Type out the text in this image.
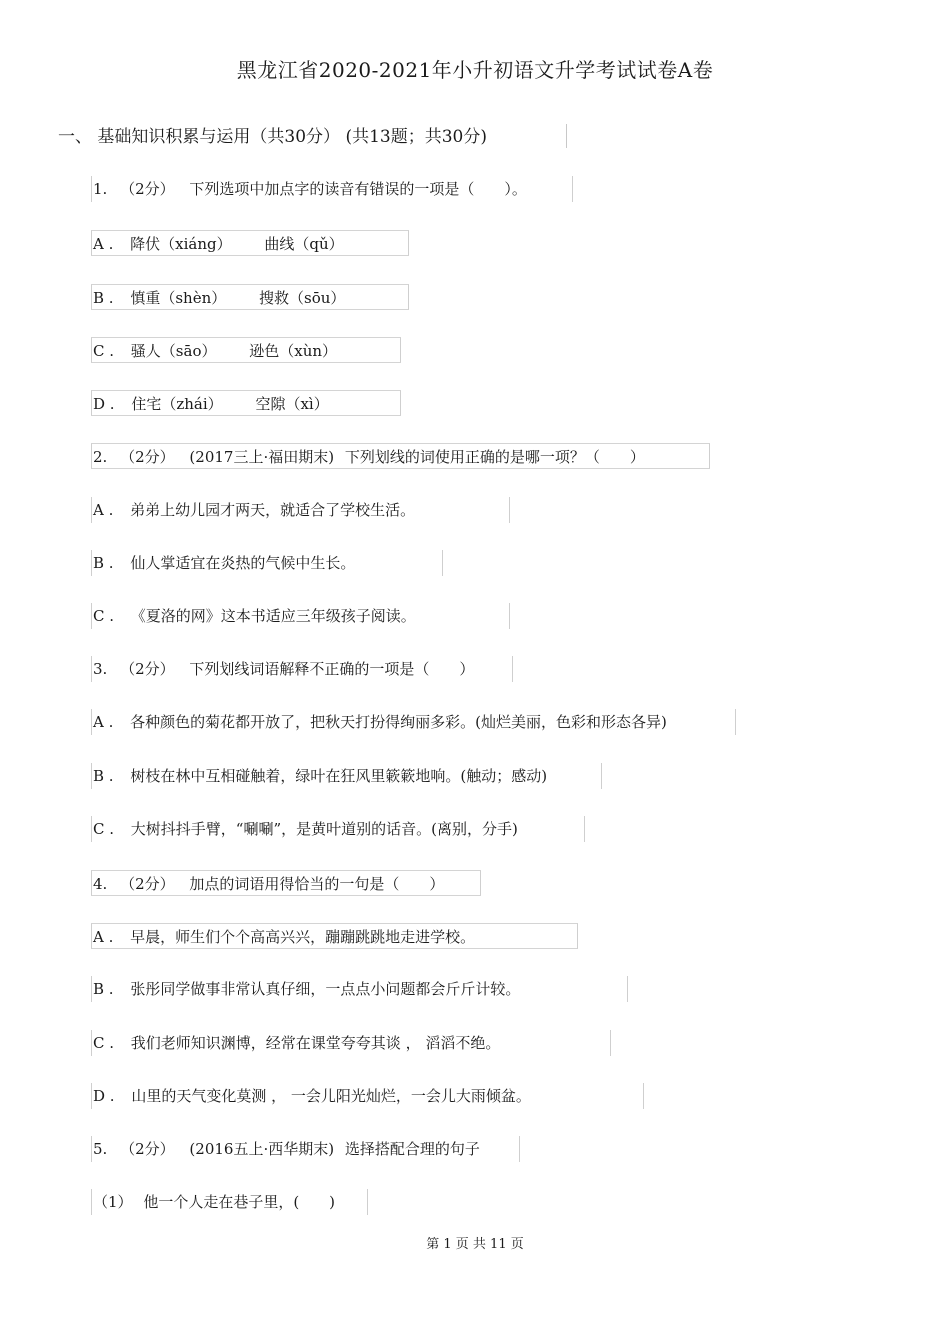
黑龙江省2020-2021年小升初语文升学考试试卷A卷
一、 基础知识积累与运用（共30分） (共13题；共30分)
1. （2分） 下列选项中加点字的读音有错误的一项是（　　）。
A . 降伏（xiáng） 曲线（qǔ）
B . 慎重（shèn） 搜救（sōu）
C . 骚人（sāo） 逊色（xùn）
D . 住宅（zhái） 空隙（xì）
2. （2分） (2017三上·福田期末) 下列划线的词使用正确的是哪一项？（　　）
A . 弟弟上幼儿园才两天，就适合了学校生活。
B . 仙人掌适宜在炎热的气候中生长。
C . 《夏洛的网》这本书适应三年级孩子阅读。
3. （2分） 下列划线词语解释不正确的一项是（　　）
A . 各种颜色的菊花都开放了，把秋天打扮得绚丽多彩。(灿烂美丽，色彩和形态各异)
B . 树枝在林中互相碰触着，绿叶在狂风里簌簌地响。(触动；感动)
C . 大树抖抖手臂，“唰唰”，是黄叶道别的话音。(离别，分手)
4. （2分） 加点的词语用得恰当的一句是（　　）
A . 早晨，师生们个个高高兴兴，蹦蹦跳跳地走进学校。
B . 张彤同学做事非常认真仔细，一点点小问题都会斤斤计较。
C . 我们老师知识渊博，经常在课堂夸夸其谈 ， 滔滔不绝。
D . 山里的天气变化莫测 ， 一会儿阳光灿烂，一会儿大雨倾盆。
5. （2分） (2016五上·西华期末) 选择搭配合理的句子
（1） 他一个人走在巷子里，(　　)
第 1 页 共 11 页
